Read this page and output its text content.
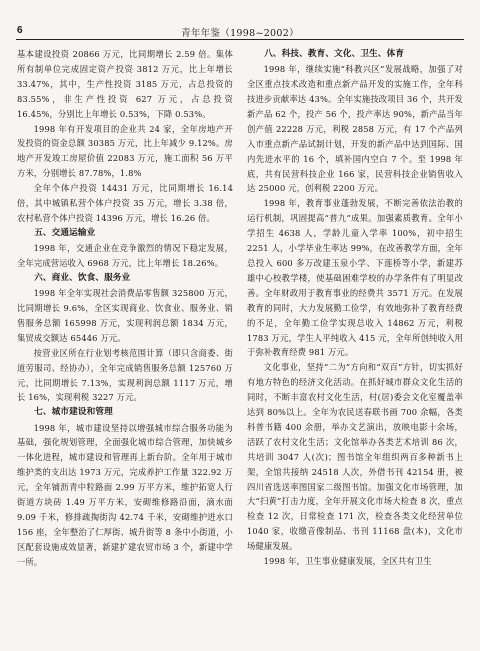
6	青年年鉴（1998~2002）

基本建设投资 20866 万元，比同期增长 2.59 倍。集体所有制单位完成固定资产投资 3812 万元，比上年增长 33.47%，其中，生产性投资 3185 万元，占总投资的 83.55%，非生产性投资 627 万元，占总投资 16.45%，分别比上年增长 0.53%，下降 0.53%。

1998 年有开发项目的企业共 24 家，全年房地产开发投资的资金总额 30385 万元，比上年减少 9.12%。房地产开发竣工房屋价值 22083 万元，施工面积 56 万平方米，分别增长 87.78%，1.8%

全年个体户投资 14431 万元，比同期增长 16.14 倍，其中城镇私营个体户投资 35 万元，增长 3.38 倍，农村私营个体户投资 14396 万元，增长 16.26 倍。

五、交通运输业

1998 年，交通企业在竞争激烈的情况下稳定发展，全年完成营运收入 6968 万元，比上年增长 18.26%。

六、商业、饮食、服务业

1998 年全年实现社会消费品零售额 325800 万元，比同期增长 9.6%，全区实现商业、饮食业、服务业、销售服务总额 165998 万元，实现利润总额 1834 万元，集贸成交额达 65446 万元。

按营业区所在行业划考核范围计算（即只含商委、街道劳服司、经协办），全年完成销售服务总额 125760 万元，比同期增长 7.13%，实现利润总额 1117 万元，增长 16%，实现利税 3227 万元。

七、城市建设和管理

1998 年，城市建设坚持以增强城市综合服务功能为基础，强化规划管理，全面强化城市综合管理，加快城乡一体化进程，城市建设和管理再上新台阶。全年用于城市维护类的支出达 1973 万元，完成养护工作量 322.92 万元，全年铺沥青中粒路面 2.99 万平方米，维护拓宽人行街道方块砖 1.49 万平方米，安砌维修路沿面，滴水面 9.09 千米，修排疏掏街沟 42.74 千米，安砌维护进水口 156 座，全年整治了仁厚街、城升街等 8 条中小街道，小区配套设施成效显著，新建扩建农贸市场 3 个，新建中学一所。

八、科技、教育、文化、卫生、体育

1998 年，继续实施“科教兴区”发展战略，加强了对全区重点技术改造和重点新产品开发的实施工作，全年科技进步贡献率达 43%。全年实施技改项目 36 个，共开发新产品 62 个，投产 56 个，投产率达 90%，新产品当年创产值 22228 万元，利税 2858 万元，有 17 个产品列入市重点新产品试制计划，开发的新产品中达到国际、国内先进水平的 16 个，填补国内空白 7 个。至 1998 年底，共有民营科技企业 166 家，民营科技企业销售收入达 25000 元，创利税 2200 万元。

1998 年，教育事业蓬勃发展，不断完善依法治教的运行机制，巩固提高“普九”成果。加强素质教育。全年小学招生 4638 人，学龄儿童入学率 100%，初中招生 2251 人，小学毕业生率达 99%，在改善教学方面，全年总投入 600 多万改建玉泉小学、下莲桥等小学，新建苏雄中心校教学楼，使基础困难学校的办学条件有了明显改善。全年财政用于教育事业的经费共 3571 万元。在发展教育的同时，大力发展勤工俭学，有效地弥补了教育经费的不足，全年勤工俭学实现总收入 14862 万元，利税 1783 万元，学生人平纯收入 415 元，全年所创纯收入用于弥补教育经费 981 万元。

文化事业，坚持“二为”方向和“双百”方针，切实抓好有地方特色的经济文化活动。在抓好城市群众文化生活的同时，不断丰富农村文化生活，村(居)委会文化室覆盖率达到 80%以上。全年为农民送春联书画 700 余幅，各类科普书籍 400 余册，举办文艺演出，放映电影十余场，活跃了农村文化生活；文化馆举办各类艺术培训 86 次，共培训 3047 人(次)；图书馆全年组织两百多种新书上架，全馆共接纳 24518 人次，外借书刊 42154 册，被四川省选送率图国家二级图书馆。加强文化市场管理，加大“扫黄”打击力度，全年开展文化市场大检查 8 次，重点检查 12 次，日常检查 171 次，检查各类文化经营单位 1040 家，收缴音像制品、书刊 11168 盘(本)，文化市场健康发展。

1998 年，卫生事业健康发展，全区共有卫生
